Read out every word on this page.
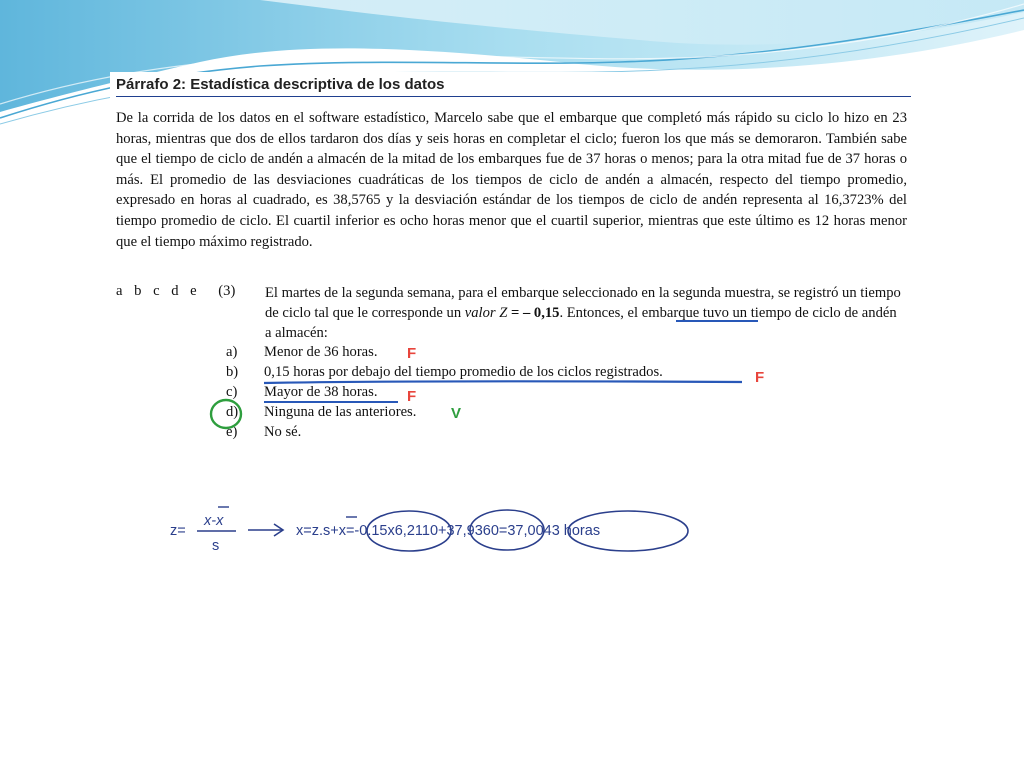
Párrafo 2: Estadística descriptiva de los datos
De la corrida de los datos en el software estadístico, Marcelo sabe que el embarque que completó más rápido su ciclo lo hizo en 23 horas, mientras que dos de ellos tardaron dos días y seis horas en completar el ciclo; fueron los que más se demoraron. También sabe que el tiempo de ciclo de andén a almacén de la mitad de los embarques fue de 37 horas o menos; para la otra mitad fue de 37 horas o más. El promedio de las desviaciones cuadráticas de los tiempos de ciclo de andén a almacén, respecto del tiempo promedio, expresado en horas al cuadrado, es 38,5765 y la desviación estándar de los tiempos de ciclo de andén representa al 16,3723% del tiempo promedio de ciclo. El cuartil inferior es ocho horas menor que el cuartil superior, mientras que este último es 12 horas menor que el tiempo máximo registrado.
a b c d e (3) El martes de la segunda semana, para el embarque seleccionado en la segunda muestra, se registró un tiempo de ciclo tal que le corresponde un valor Z = – 0,15. Entonces, el embarque tuvo un tiempo de ciclo de andén a almacén:
a) Menor de 36 horas.
b) 0,15 horas por debajo del tiempo promedio de los ciclos registrados.
c) Mayor de 38 horas.
d) Ninguna de las anteriores.
e) No sé.
F
F
F
V
z=
x-x
s
x=z.s+x=-0.15x6,2110+37,9360=37,0043 horas
